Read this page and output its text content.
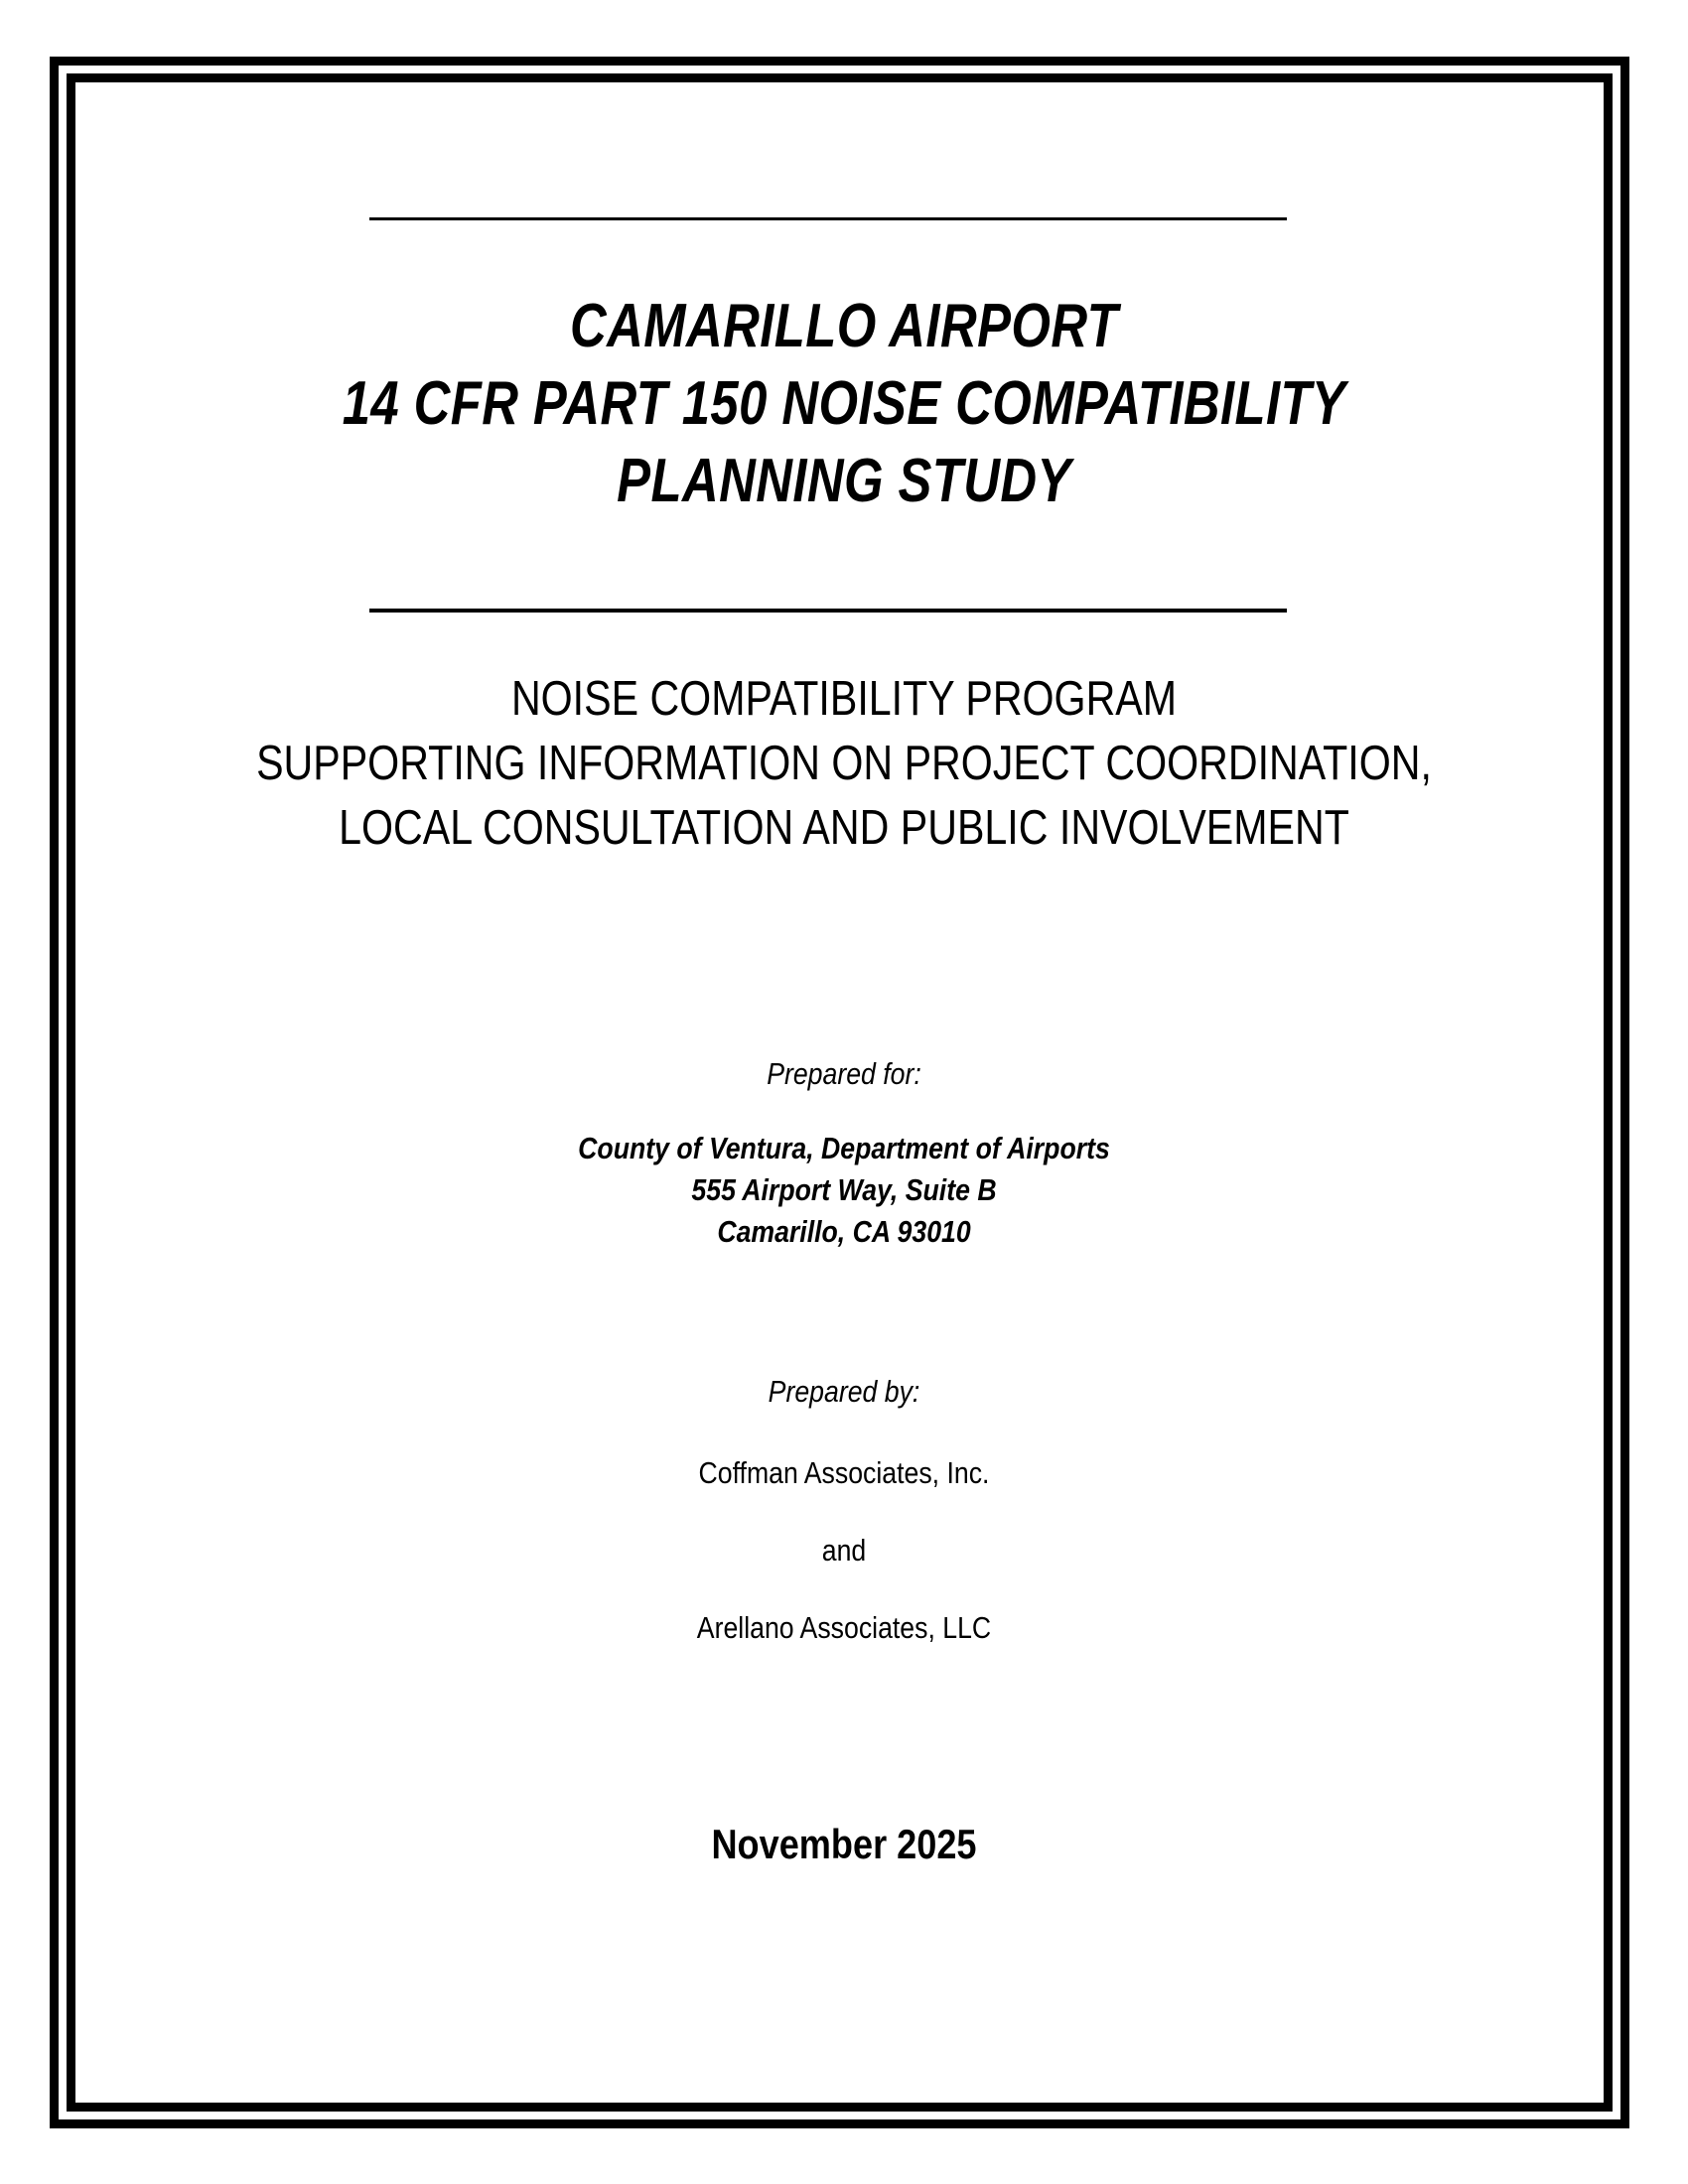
CAMARILLO AIRPORT
14 CFR PART 150 NOISE COMPATIBILITY
PLANNING STUDY
NOISE COMPATIBILITY PROGRAM
SUPPORTING INFORMATION ON PROJECT COORDINATION,
LOCAL CONSULTATION AND PUBLIC INVOLVEMENT
Prepared for:
County of Ventura, Department of Airports
555 Airport Way, Suite B
Camarillo, CA 93010
Prepared by:
Coffman Associates, Inc.
and
Arellano Associates, LLC
November 2025
